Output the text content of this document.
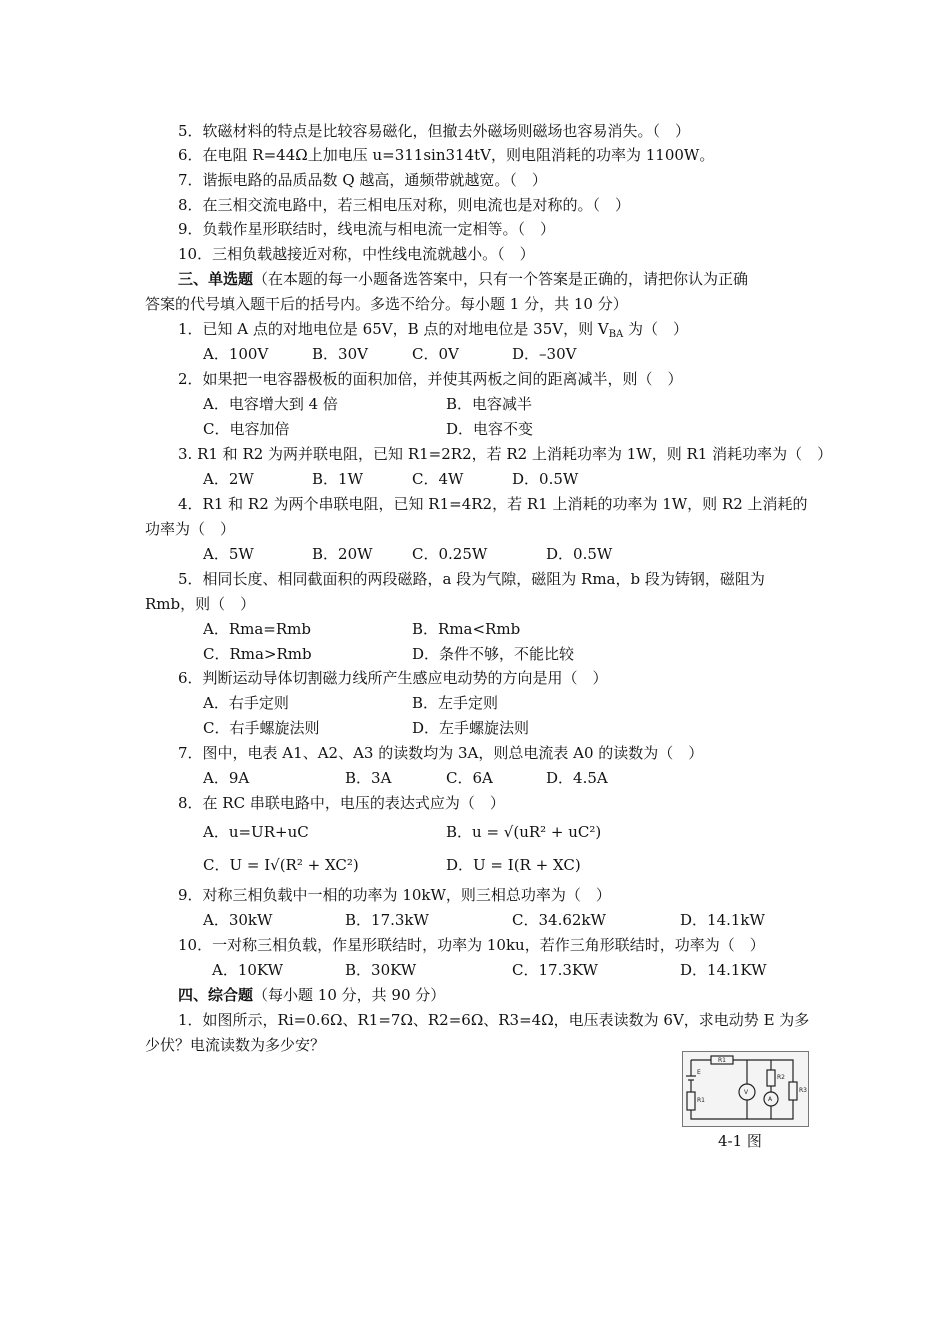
5．软磁材料的特点是比较容易磁化，但撤去外磁场则磁场也容易消失。（　）
6．在电阻 R=44Ω上加电压 u=311sin314tV，则电阻消耗的功率为 1100W。
7．谐振电路的品质品数 Q 越高，通频带就越宽。（　）
8．在三相交流电路中，若三相电压对称，则电流也是对称的。（　）
9．负载作星形联结时，线电流与相电流一定相等。（　）
10．三相负载越接近对称，中性线电流就越小。（　）
三、单选题（在本题的每一小题备选答案中，只有一个答案是正确的，请把你认为正确
答案的代号填入题干后的括号内。多选不给分。每小题 1 分，共 10 分）
1．已知 A 点的对地电位是 65V，B 点的对地电位是 35V，则 $V_{BA}$ 为（　）
A．100V	B．30V	C．0V	D．–30V
2．如果把一电容器极板的面积加倍，并使其两板之间的距离减半，则（　）
A．电容增大到 4 倍	B．电容减半
C．电容加倍	D．电容不变
3. R1 和 R2 为两并联电阻，已知 R1=2R2，若 R2 上消耗功率为 1W，则 R1 消耗功率为（　）
A．2W	B．1W	C．4W	D．0.5W
4．R1 和 R2 为两个串联电阻，已知 R1=4R2，若 R1 上消耗的功率为 1W，则 R2 上消耗的
功率为（　）
A．5W	B．20W	C．0.25W	D．0.5W
5．相同长度、相同截面积的两段磁路，a 段为气隙，磁阻为 Rma，b 段为铸钢，磁阻为
Rmb，则（　）
A．Rma=Rmb	B．Rma<Rmb
C．Rma>Rmb	D．条件不够，不能比较
6．判断运动导体切割磁力线所产生感应电动势的方向是用（　）
A．右手定则	B．左手定则
C．右手螺旋法则	D．左手螺旋法则
7．图中，电表 A1、A2、A3 的读数均为 3A，则总电流表 A0 的读数为（　）
A．9A	B．3A	C．6A	D．4.5A
8．在 RC 串联电路中，电压的表达式应为（　）
A．u=UR+uC	B．u = √(uR² + uC²)
C．U = I√(R² + XC²)	D．U = I(R + XC)
9．对称三相负载中一相的功率为 10kW，则三相总功率为（　）
A．30kW	B．17.3kW	C．34.62kW	D．14.1kW
10．一对称三相负载，作星形联结时，功率为 10ku，若作三角形联结时，功率为（　）
A．10KW	B．30KW	C．17.3KW	D．14.1KW
四、综合题（每小题 10 分，共 90 分）
1．如图所示，Ri=0.6Ω、R1=7Ω、R2=6Ω、R3=4Ω，电压表读数为 6V，求电动势 E 为多
少伏？电流读数为多少安？
R1
E
R1
V
R2
A
R3
4-1 图
